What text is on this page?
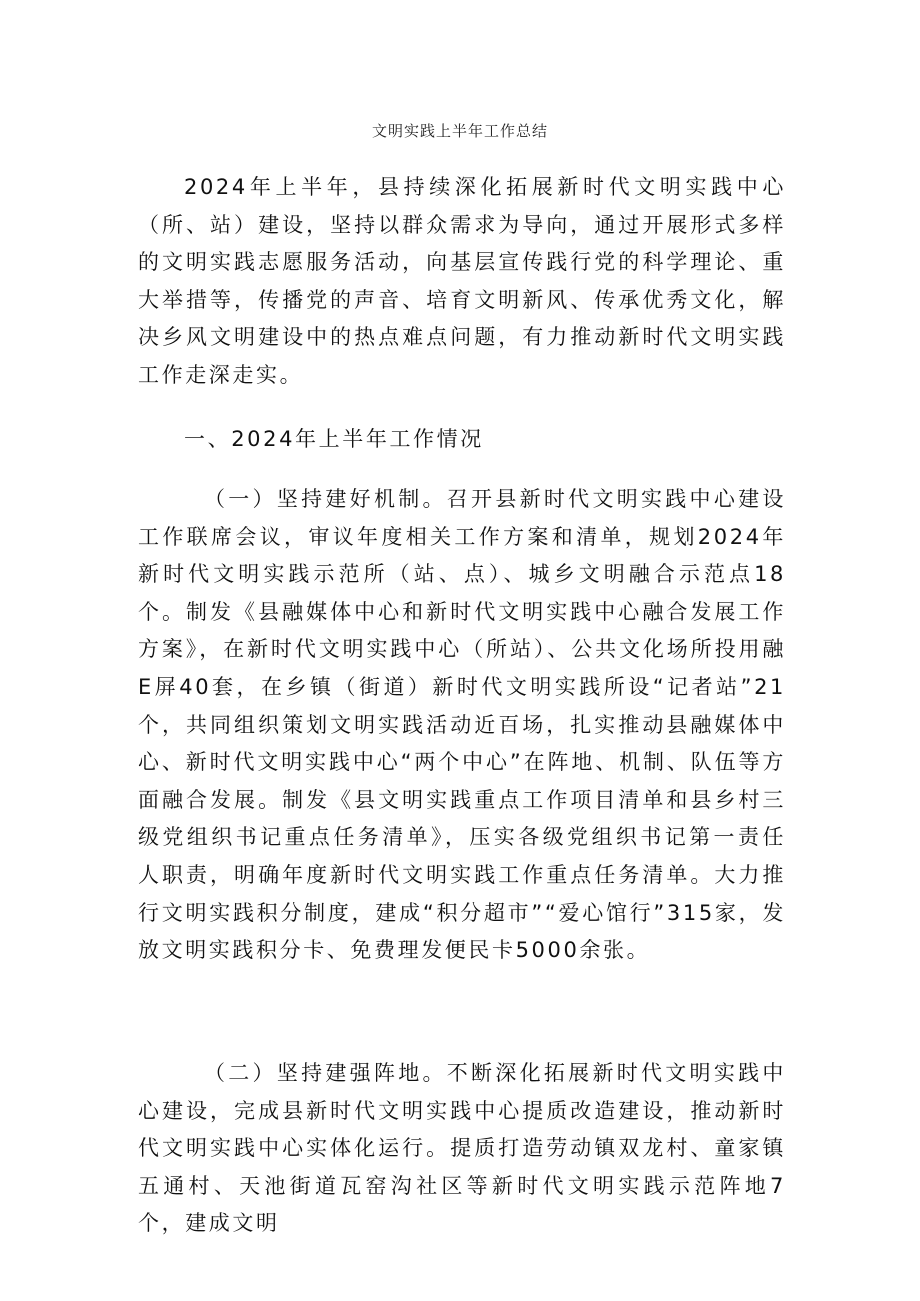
文明实践上半年工作总结

2024年上半年，县持续深化拓展新时代文明实践中心（所、站）建设，坚持以群众需求为导向，通过开展形式多样的文明实践志愿服务活动，向基层宣传践行党的科学理论、重大举措等，传播党的声音、培育文明新风、传承优秀文化，解决乡风文明建设中的热点难点问题，有力推动新时代文明实践工作走深走实。

一、2024年上半年工作情况

（一）坚持建好机制。召开县新时代文明实践中心建设工作联席会议，审议年度相关工作方案和清单，规划2024年新时代文明实践示范所（站、点）、城乡文明融合示范点18个。制发《县融媒体中心和新时代文明实践中心融合发展工作方案》，在新时代文明实践中心（所站）、公共文化场所投用融E屏40套，在乡镇（街道）新时代文明实践所设“记者站”21个，共同组织策划文明实践活动近百场，扎实推动县融媒体中心、新时代文明实践中心“两个中心”在阵地、机制、队伍等方面融合发展。制发《县文明实践重点工作项目清单和县乡村三级党组织书记重点任务清单》，压实各级党组织书记第一责任人职责，明确年度新时代文明实践工作重点任务清单。大力推行文明实践积分制度，建成“积分超市”“爱心馆行”315家，发放文明实践积分卡、免费理发便民卡5000余张。

（二）坚持建强阵地。不断深化拓展新时代文明实践中心建设，完成县新时代文明实践中心提质改造建设，推动新时代文明实践中心实体化运行。提质打造劳动镇双龙村、童家镇五通村、天池街道瓦窑沟社区等新时代文明实践示范阵地7个，建成文明
